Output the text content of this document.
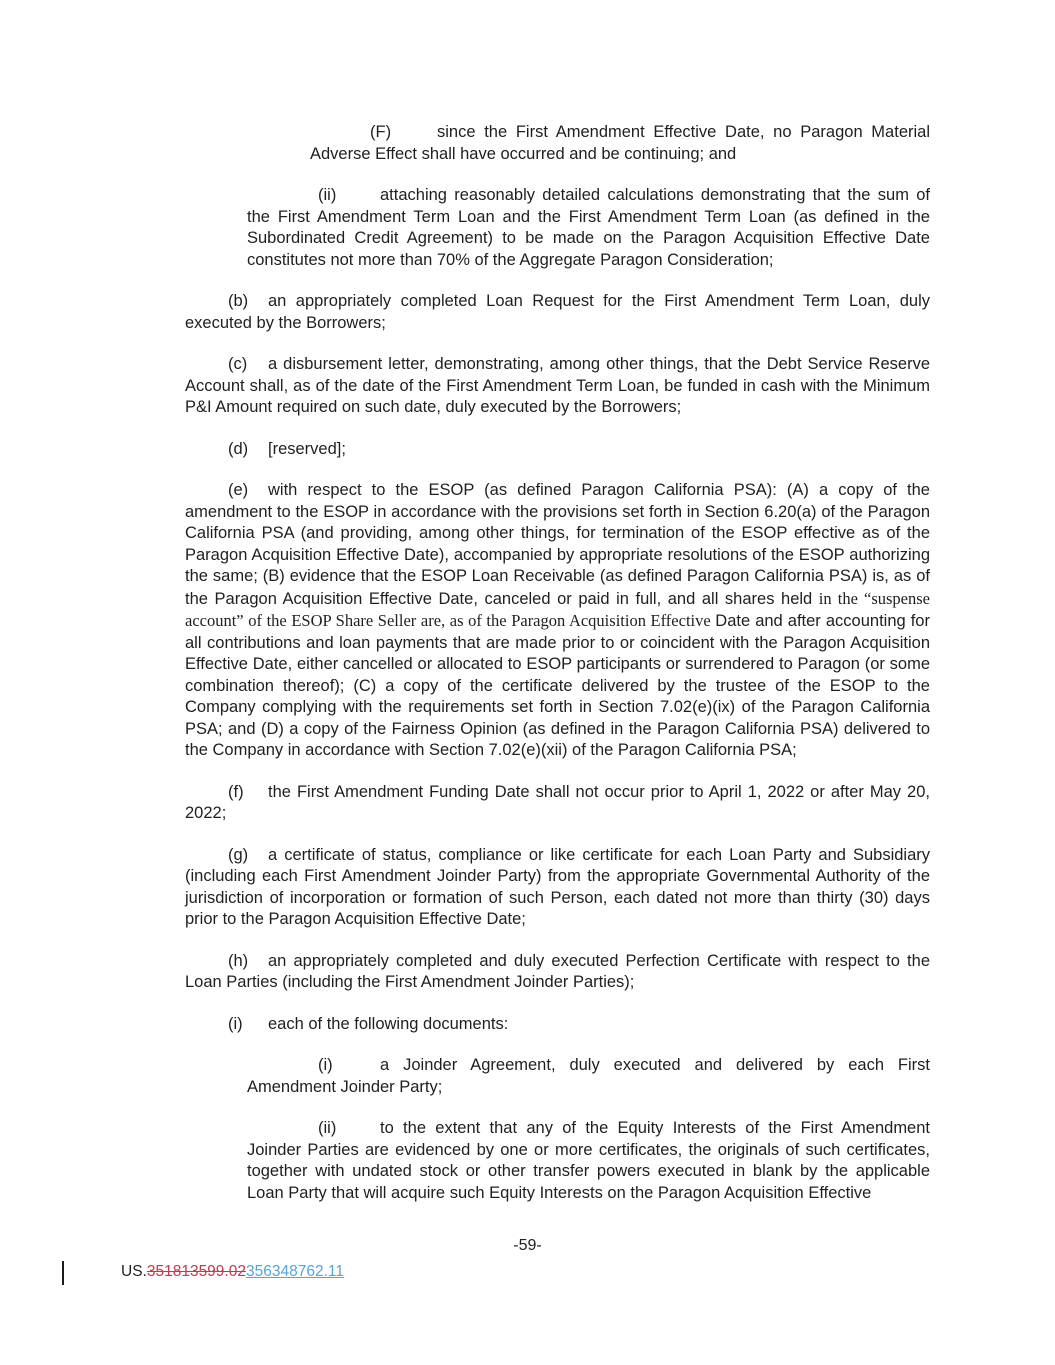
(F)	since the First Amendment Effective Date, no Paragon Material Adverse Effect shall have occurred and be continuing; and

(ii)	attaching reasonably detailed calculations demonstrating that the sum of the First Amendment Term Loan and the First Amendment Term Loan (as defined in the Subordinated Credit Agreement) to be made on the Paragon Acquisition Effective Date constitutes not more than 70% of the Aggregate Paragon Consideration;

(b) an appropriately completed Loan Request for the First Amendment Term Loan, duly executed by the Borrowers;

(c) a disbursement letter, demonstrating, among other things, that the Debt Service Reserve Account shall, as of the date of the First Amendment Term Loan, be funded in cash with the Minimum P&I Amount required on such date, duly executed by the Borrowers;

(d) [reserved];

(e) with respect to the ESOP (as defined Paragon California PSA): (A) a copy of the amendment to the ESOP in accordance with the provisions set forth in Section 6.20(a) of the Paragon California PSA (and providing, among other things, for termination of the ESOP effective as of the Paragon Acquisition Effective Date), accompanied by appropriate resolutions of the ESOP authorizing the same; (B) evidence that the ESOP Loan Receivable (as defined Paragon California PSA) is, as of the Paragon Acquisition Effective Date, canceled or paid in full, and all shares held in the “suspense account” of the ESOP Share Seller are, as of the Paragon Acquisition Effective Date and after accounting for all contributions and loan payments that are made prior to or coincident with the Paragon Acquisition Effective Date, either cancelled or allocated to ESOP participants or surrendered to Paragon (or some combination thereof); (C) a copy of the certificate delivered by the trustee of the ESOP to the Company complying with the requirements set forth in Section 7.02(e)(ix) of the Paragon California PSA; and (D) a copy of the Fairness Opinion (as defined in the Paragon California PSA) delivered to the Company in accordance with Section 7.02(e)(xii) of the Paragon California PSA;

(f) the First Amendment Funding Date shall not occur prior to April 1, 2022 or after May 20, 2022;

(g) a certificate of status, compliance or like certificate for each Loan Party and Subsidiary (including each First Amendment Joinder Party) from the appropriate Governmental Authority of the jurisdiction of incorporation or formation of such Person, each dated not more than thirty (30) days prior to the Paragon Acquisition Effective Date;

(h) an appropriately completed and duly executed Perfection Certificate with respect to the Loan Parties (including the First Amendment Joinder Parties);

(i) each of the following documents:

(i)	a Joinder Agreement, duly executed and delivered by each First Amendment Joinder Party;

(ii)	to the extent that any of the Equity Interests of the First Amendment Joinder Parties are evidenced by one or more certificates, the originals of such certificates, together with undated stock or other transfer powers executed in blank by the applicable Loan Party that will acquire such Equity Interests on the Paragon Acquisition Effective

-59-
US.351813599.02356348762.11
